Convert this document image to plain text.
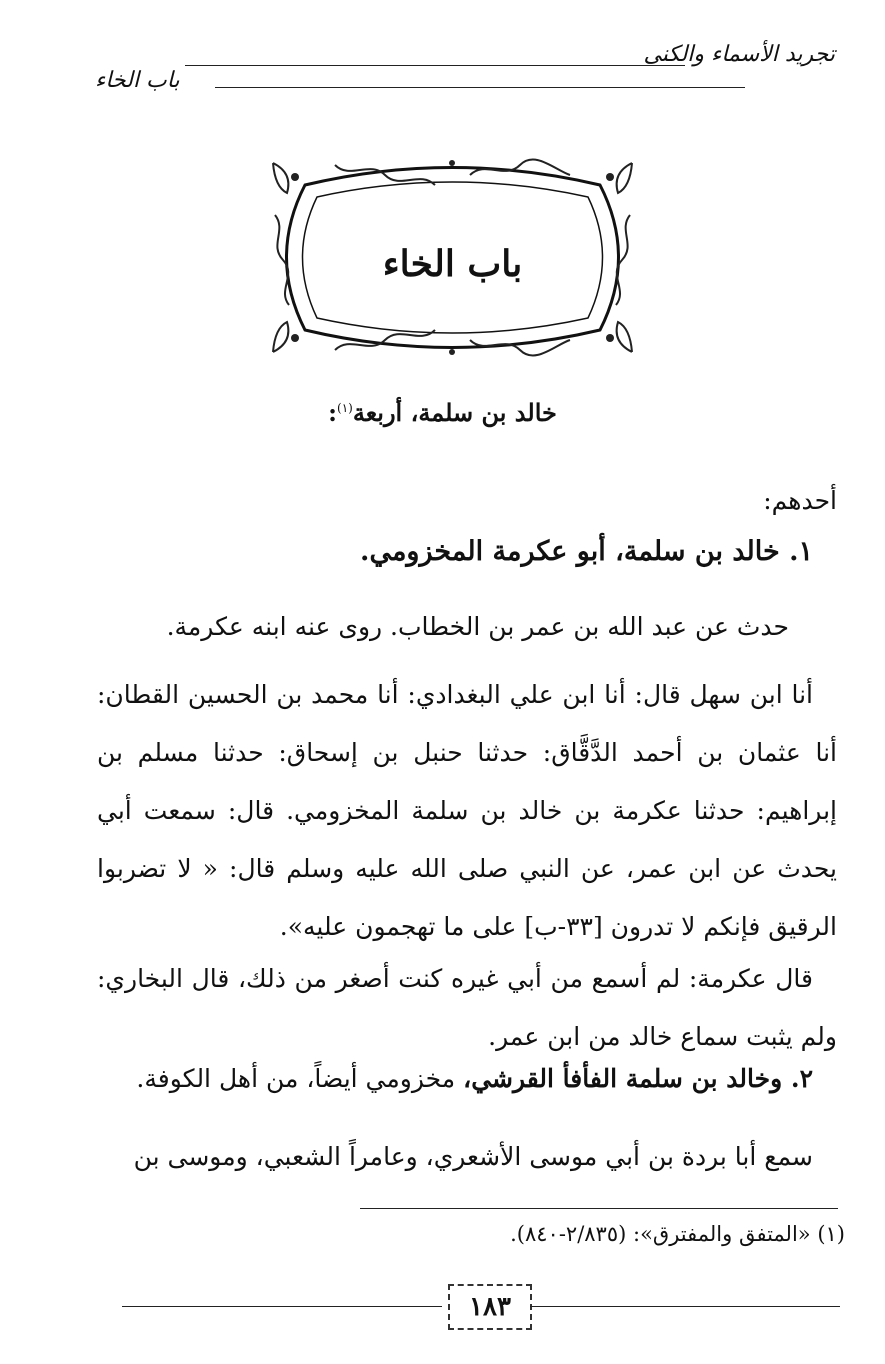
تجريد الأسماء والكنى
باب الخاء
باب الخاء
خالد بن سلمة، أربعة$^{(١)}$:
أحدهم:
١. خالد بن سلمة، أبو عكرمة المخزومي.
حدث عن عبد الله بن عمر بن الخطاب. روى عنه ابنه عكرمة.
أنا ابن سهل قال: أنا ابن علي البغدادي: أنا محمد بن الحسين القطان: أنا عثمان بن أحمد الدَّقَّاق: حدثنا حنبل بن إسحاق: حدثنا مسلم بن إبراهيم: حدثنا عكرمة بن خالد بن سلمة المخزومي. قال: سمعت أبي يحدث عن ابن عمر، عن النبي صلى الله عليه وسلم قال: « لا تضربوا الرقيق فإنكم لا تدرون [٣٣-ب] على ما تهجمون عليه».
قال عكرمة: لم أسمع من أبي غيره كنت أصغر من ذلك، قال البخاري: ولم يثبت سماع خالد من ابن عمر.
٢. وخالد بن سلمة الفأفأ القرشي، مخزومي أيضاً، من أهل الكوفة.
سمع أبا بردة بن أبي موسى الأشعري، وعامراً الشعبي، وموسى بن
(١) «المتفق والمفترق»: (٢/٨٣٥-٨٤٠).
١٨٣
